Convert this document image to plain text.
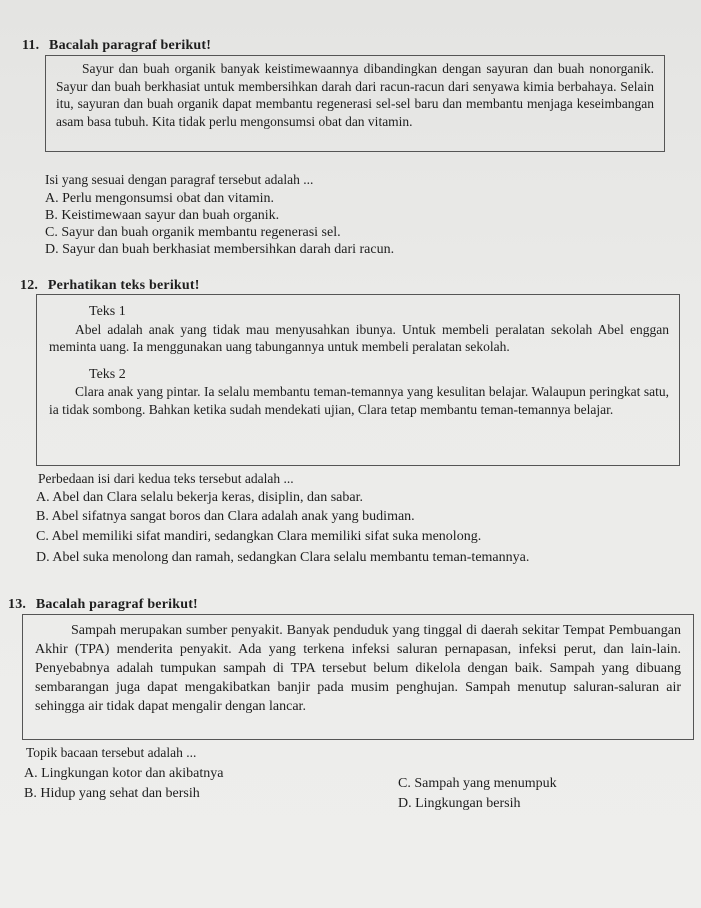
11. Bacalah paragraf berikut!

Sayur dan buah organik banyak keistimewaannya dibandingkan dengan sayuran dan buah nonorganik. Sayur dan buah berkhasiat untuk membersihkan darah dari racun-racun dari senyawa kimia berbahaya. Selain itu, sayuran dan buah organik dapat membantu regenerasi sel-sel baru dan membantu menjaga keseimbangan asam basa tubuh. Kita tidak perlu mengonsumsi obat dan vitamin.

Isi yang sesuai dengan paragraf tersebut adalah ...
A. Perlu mengonsumsi obat dan vitamin.
B. Keistimewaan sayur dan buah organik.
C. Sayur dan buah organik membantu regenerasi sel.
D. Sayur dan buah berkhasiat membersihkan darah dari racun.
12. Perhatikan teks berikut!
Teks 1

Abel adalah anak yang tidak mau menyusahkan ibunya. Untuk membeli peralatan sekolah Abel enggan meminta uang. Ia menggunakan uang tabungannya untuk membeli peralatan sekolah.

Teks 2

Clara anak yang pintar. Ia selalu membantu teman-temannya yang kesulitan belajar. Walaupun peringkat satu, ia tidak sombong. Bahkan ketika sudah mendekati ujian, Clara tetap membantu teman-temannya belajar.

Perbedaan isi dari kedua teks tersebut adalah ...
A. Abel dan Clara selalu bekerja keras, disiplin, dan sabar.
B. Abel sifatnya sangat boros dan Clara adalah anak yang budiman.
C. Abel memiliki sifat mandiri, sedangkan Clara memiliki sifat suka menolong.
D. Abel suka menolong dan ramah, sedangkan Clara selalu membantu teman-temannya.
13. Bacalah paragraf berikut!

Sampah merupakan sumber penyakit. Banyak penduduk yang tinggal di daerah sekitar Tempat Pembuangan Akhir (TPA) menderita penyakit. Ada yang terkena infeksi saluran pernapasan, infeksi perut, dan lain-lain. Penyebabnya adalah tumpukan sampah di TPA tersebut belum dikelola dengan baik. Sampah yang dibuang sembarangan juga dapat mengakibatkan banjir pada musim penghujan. Sampah menutup saluran-saluran air sehingga air tidak dapat mengalir dengan lancar.

Topik bacaan tersebut adalah ...
A. Lingkungan kotor dan akibatnya
B. Hidup yang sehat dan bersih
C. Sampah yang menumpuk
D. Lingkungan bersih
